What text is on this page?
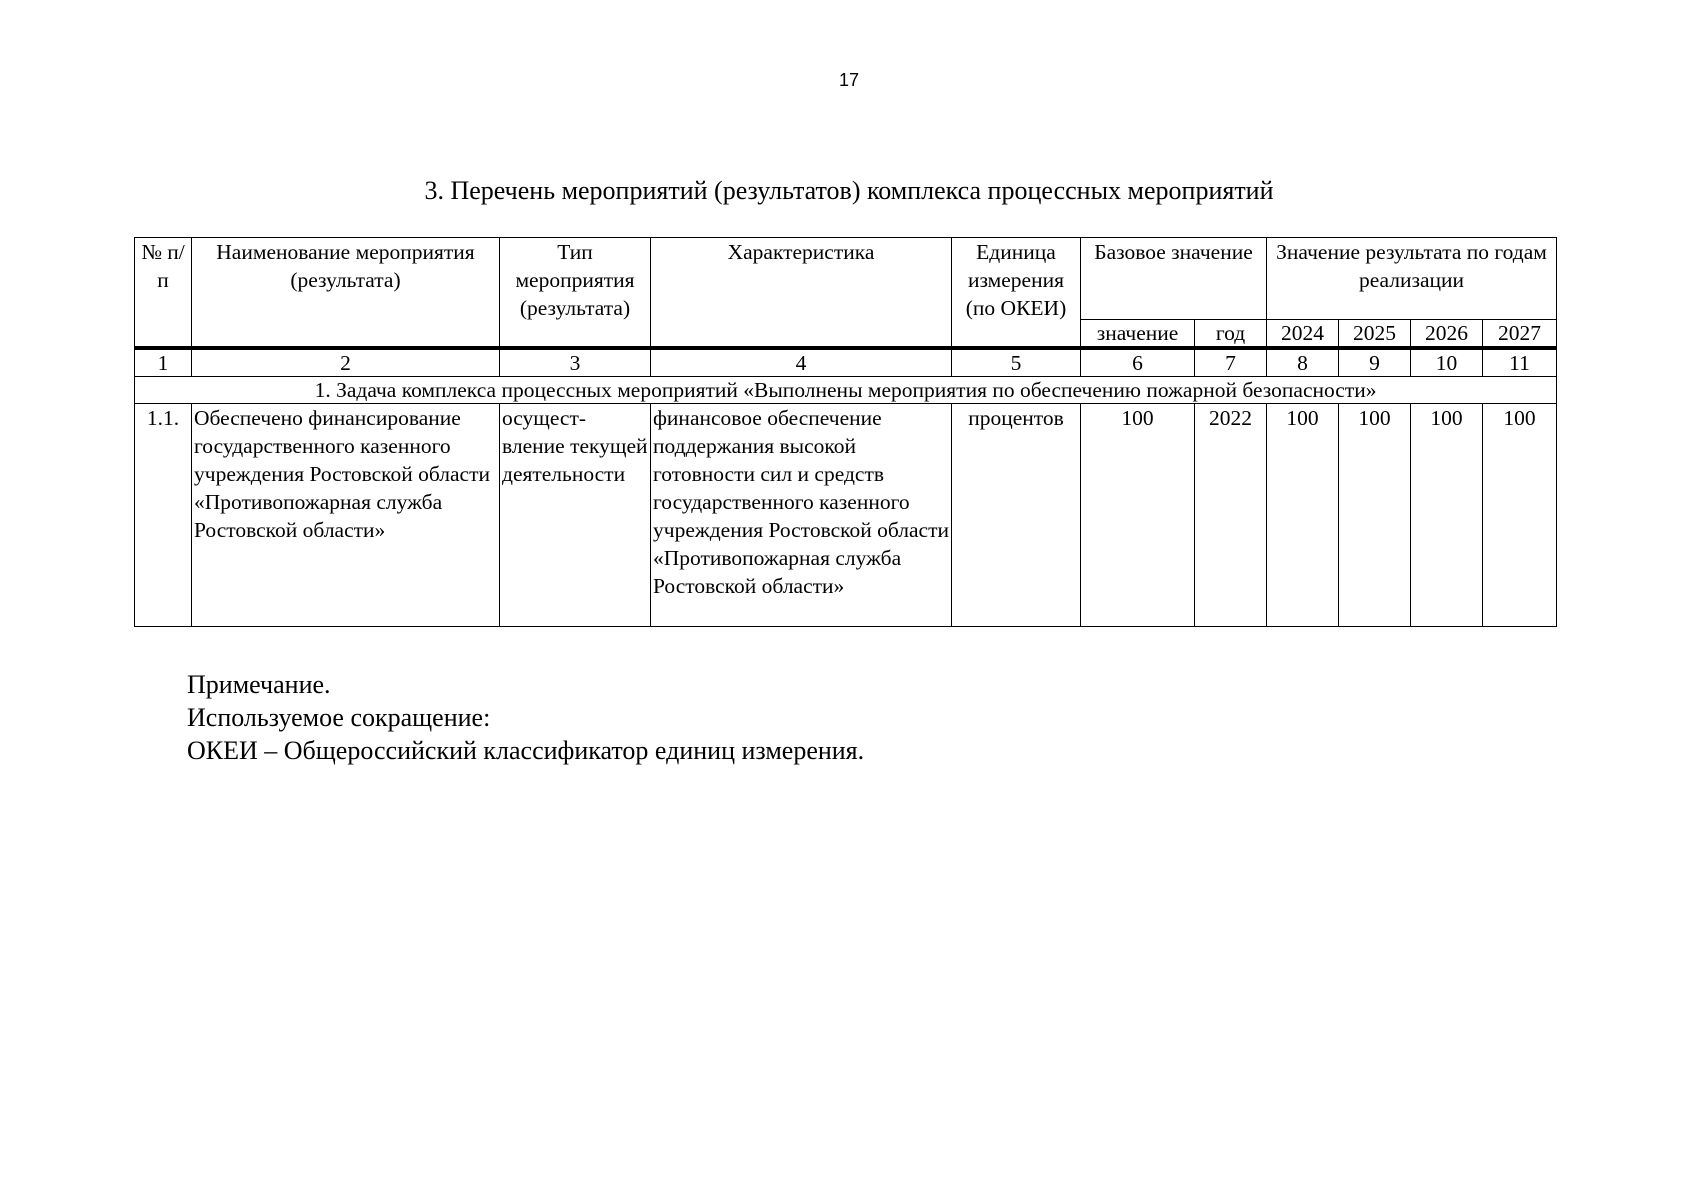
17
3. Перечень мероприятий (результатов) комплекса процессных мероприятий
№ п/п	Наименование мероприятия (результата)	Тип мероприятия (результата)	Характеристика	Единица измерения (по ОКЕИ)	Базовое значение		Значение результата по годам реализации			
					значение	год	2024	2025	2026	2027
1	2	3	4	5	6	7	8	9	10	11
1. Задача комплекса процессных мероприятий «Выполнены мероприятия по обеспечению пожарной безопасности»										
1.1.	Обеспечено финансирование государственного казенного учреждения Ростовской области «Противопожарная служба Ростовской области»	осущест-вление текущей деятельности	финансовое обеспечение поддержания высокой готовности сил и средств государственного казенного учреждения Ростовской области «Противопожарная служба Ростовской области»	процентов	100	2022	100	100	100	100
Примечание.
Используемое сокращение:
ОКЕИ – Общероссийский классификатор единиц измерения.
